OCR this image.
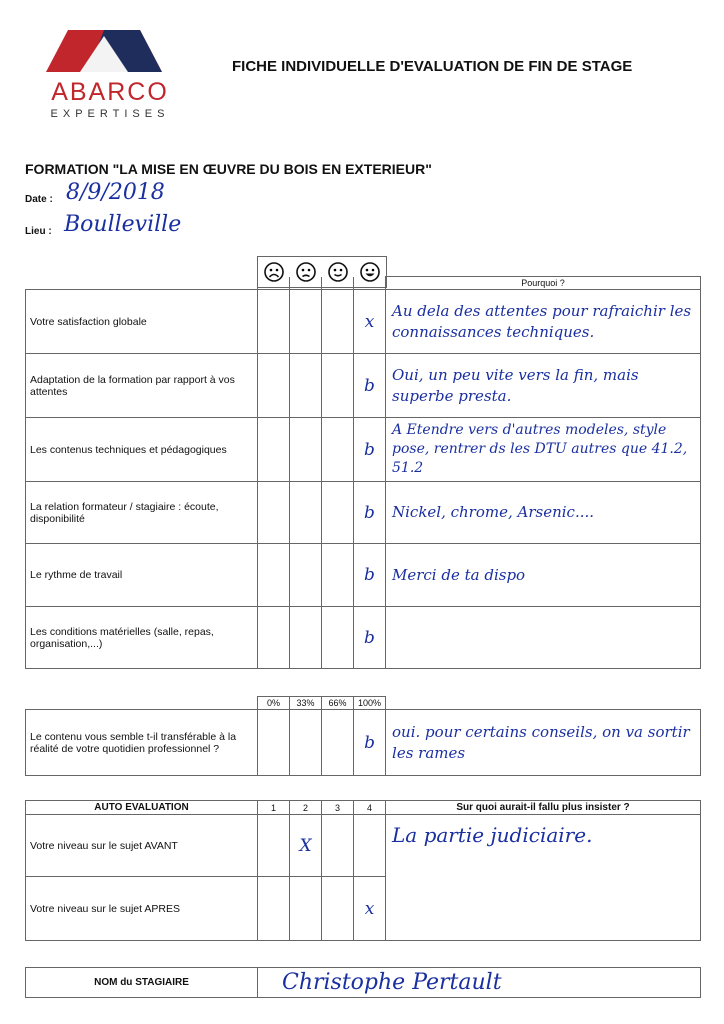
ABARCO
EXPERTISES
FICHE INDIVIDUELLE D'EVALUATION DE FIN DE STAGE
FORMATION "LA MISE EN ŒUVRE DU BOIS EN EXTERIEUR"
Date : 8/9/2018
Lieu : Boulleville
					Pourquoi ?
Votre satisfaction globale				x	Au dela des attentes pour rafraichir les connaissances techniques.
Adaptation de la formation par rapport à vos attentes				b	Oui, un peu vite vers la fin, mais superbe presta.
Les contenus techniques et pédagogiques				b	A Etendre vers d'autres modeles, style pose, rentrer ds les DTU autres que 41.2, 51.2
La relation formateur / stagiaire : écoute, disponibilité				b	Nickel, chrome, Arsenic....
Le rythme de travail				b	Merci de ta dispo
Les conditions matérielles (salle, repas, organisation,...)				b	
	0%	33%	66%	100%	
Le contenu vous semble t-il transférable à la réalité de votre quotidien professionnel ?				b	oui. pour certains conseils, on va sortir les rames
AUTO EVALUATION	1	2	3	4	Sur quoi aurait-il fallu plus insister ?
Votre niveau sur le sujet AVANT		X			La partie judiciaire.
Votre niveau sur le sujet APRES				x	
NOM du STAGIAIRE	Christophe Pertault
